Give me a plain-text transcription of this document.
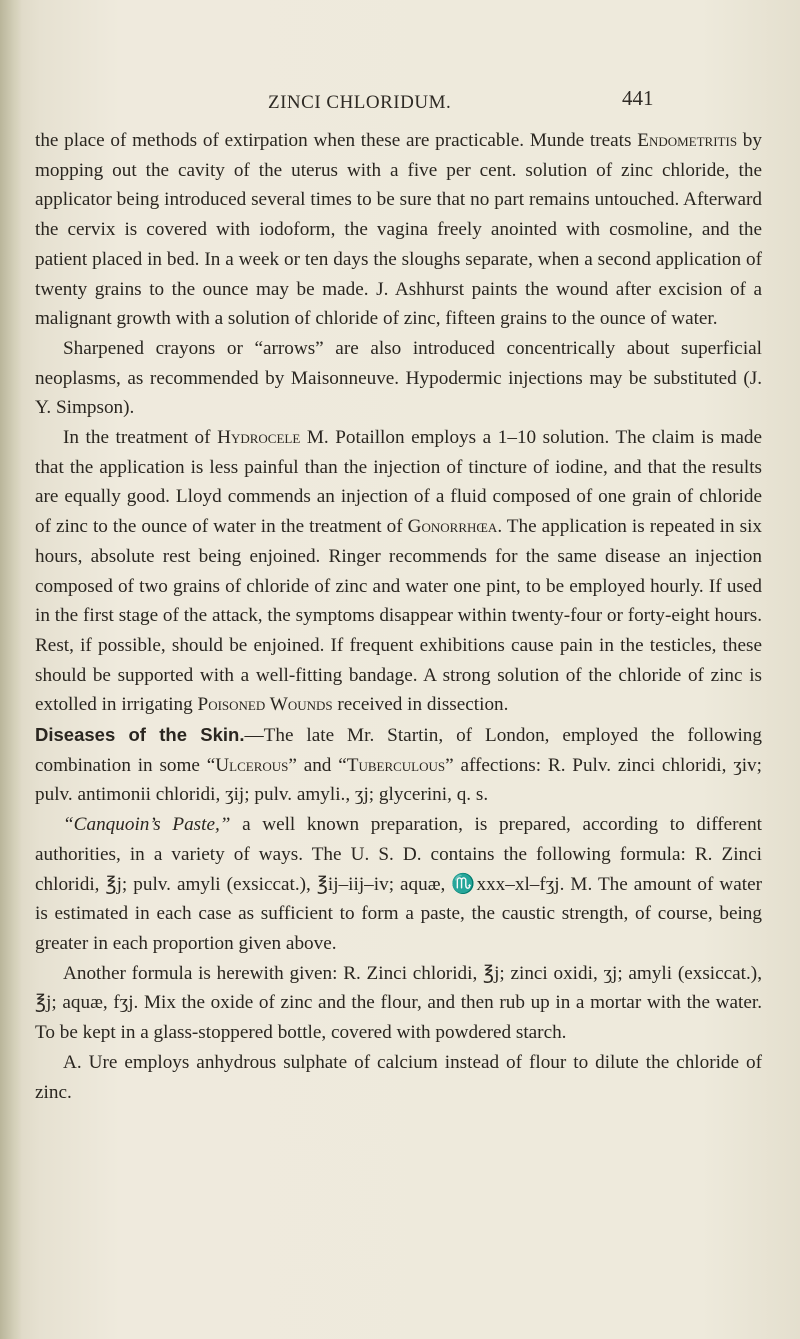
ZINCI CHLORIDUM.	441

the place of methods of extirpation when these are practicable. Munde treats Endometritis by mopping out the cavity of the uterus with a five per cent. solution of zinc chloride, the applicator being introduced several times to be sure that no part remains untouched. Afterward the cervix is covered with iodoform, the vagina freely anointed with cosmoline, and the patient placed in bed. In a week or ten days the sloughs separate, when a second application of twenty grains to the ounce may be made. J. Ashhurst paints the wound after excision of a malignant growth with a solution of chloride of zinc, fifteen grains to the ounce of water.

Sharpened crayons or “arrows” are also introduced concentrically about superficial neoplasms, as recommended by Maisonneuve. Hypodermic injections may be substituted (J. Y. Simpson).

In the treatment of Hydrocele M. Potaillon employs a 1–10 solution. The claim is made that the application is less painful than the injection of tincture of iodine, and that the results are equally good. Lloyd commends an injection of a fluid composed of one grain of chloride of zinc to the ounce of water in the treatment of Gonorrhœa. The application is repeated in six hours, absolute rest being enjoined. Ringer recommends for the same disease an injection composed of two grains of chloride of zinc and water one pint, to be employed hourly. If used in the first stage of the attack, the symptoms disappear within twenty-four or forty-eight hours. Rest, if possible, should be enjoined. If frequent exhibitions cause pain in the testicles, these should be supported with a well-fitting bandage. A strong solution of the chloride of zinc is extolled in irrigating Poisoned Wounds received in dissection.

Diseases of the Skin.—The late Mr. Startin, of London, employed the following combination in some “Ulcerous” and “Tuberculous” affections: R. Pulv. zinci chloridi, ʒiv; pulv. antimonii chloridi, ʒij; pulv. amyli., ʒj; glycerini, q. s.

“Canquoin’s Paste,” a well known preparation, is prepared, according to different authorities, in a variety of ways. The U. S. D. contains the following formula: R. Zinci chloridi, ℥j; pulv. amyli (exsiccat.), ℥ij–iij–iv; aquæ, ♏xxx–xl–fʒj. M. The amount of water is estimated in each case as sufficient to form a paste, the caustic strength, of course, being greater in each proportion given above.

Another formula is herewith given: R. Zinci chloridi, ℥j; zinci oxidi, ʒj; amyli (exsiccat.), ℥j; aquæ, fʒj. Mix the oxide of zinc and the flour, and then rub up in a mortar with the water. To be kept in a glass-stoppered bottle, covered with powdered starch.

A. Ure employs anhydrous sulphate of calcium instead of flour to dilute the chloride of zinc.
